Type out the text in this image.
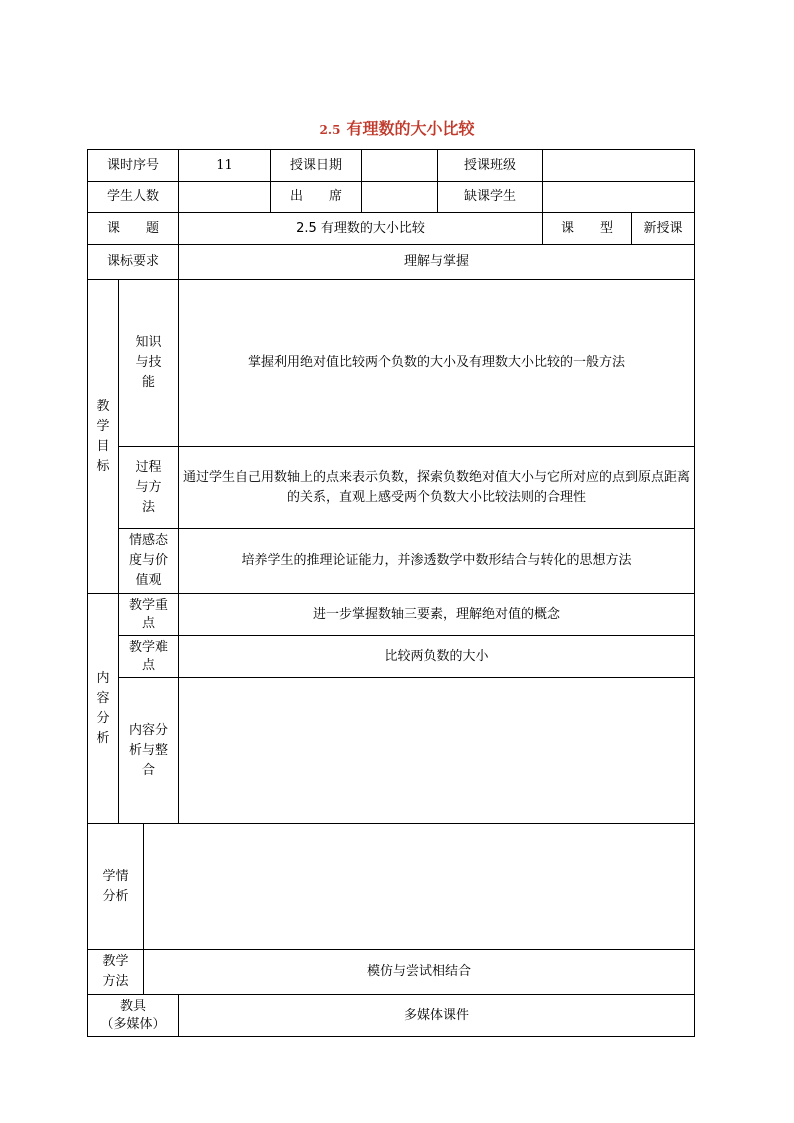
2.5 有理数的大小比较
课时序号			11	授课日期		授课班级		
学生人数				出　　席		缺课学生		
课　　题			2.5 有理数的大小比较				课　　型	新授课
课标要求			理解与掌握					

教学目标	知识与技能		掌握利用绝对值比较两个负数的大小及有理数大小比较的一般方法					

	过程与方法		通过学生自己用数轴上的点来表示负数，探索负数绝对值大小与它所对应的点到原点距离的关系，直观上感受两个负数大小比较法则的合理性					

	情感态度与价值观		培养学生的推理论证能力，并渗透数学中数形结合与转化的思想方法					

内容分析	教学重点		进一步掌握数轴三要素，理解绝对值的概念					

	教学难点		比较两负数的大小					

	内容分析与整合							

学情分析								

教学方法		模仿与尝试相结合						

教具
（多媒体）			多媒体课件					
